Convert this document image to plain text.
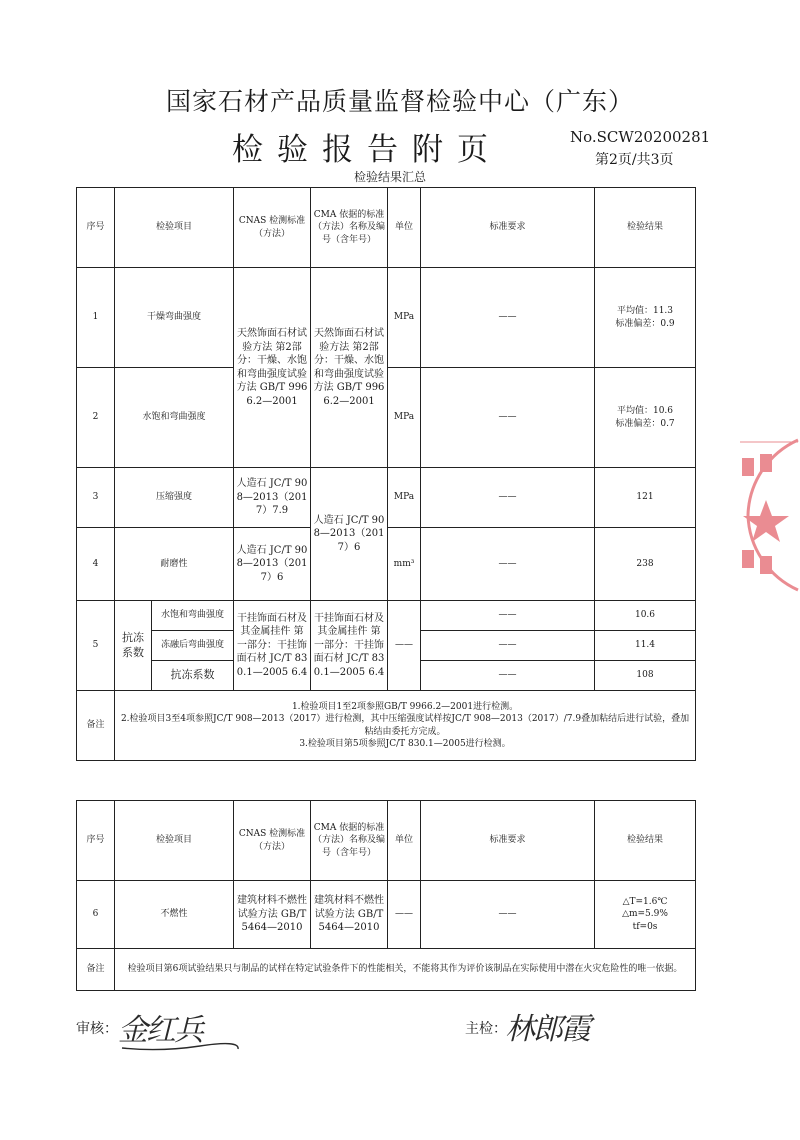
国家石材产品质量监督检验中心（广东）
检验报告附页	No.SCW20200281
第2页/共3页
检验结果汇总
序号	检验项目		CNAS 检测标准（方法）	CMA 依据的标准（方法）名称及编号（含年号）	单位	标准要求	检验结果
1	干燥弯曲强度		天然饰面石材试验方法 第2部分：干燥、水饱和弯曲强度试验方法 GB/T 9966.2—2001	天然饰面石材试验方法 第2部分：干燥、水饱和弯曲强度试验方法 GB/T 9966.2—2001	MPa	——	平均值：11.3
标准偏差：0.9

2	水饱和弯曲强度				MPa	——	平均值：10.6
标准偏差：0.7

3	压缩强度		人造石 JC/T 908—2013（2017）7.9	人造石 JC/T 908—2013（2017）6	MPa	——	121
4	耐磨性		人造石 JC/T 908—2013（2017）6		mm³	——	238
5	抗冻系数	水饱和弯曲强度	干挂饰面石材及其金属挂件 第一部分：干挂饰面石材 JC/T 830.1—2005 6.4	干挂饰面石材及其金属挂件 第一部分：干挂饰面石材 JC/T 830.1—2005 6.4	——	——	10.6
		冻融后弯曲强度				——	11.4
		抗冻系数				——	108
备注	1.检验项目1至2项参照GB/T 9966.2—2001进行检测。
2.检验项目3至4项参照JC/T 908—2013（2017）进行检测，其中压缩强度试样按JC/T 908—2013（2017）/7.9叠加粘结后进行试验，叠加粘结由委托方完成。
3.检验项目第5项参照JC/T 830.1—2005进行检测。						
序号	检验项目	CNAS 检测标准（方法）	CMA 依据的标准（方法）名称及编号（含年号）	单位	标准要求	检验结果
6	不燃性	建筑材料不燃性试验方法 GB/T 5464—2010	建筑材料不燃性试验方法 GB/T 5464—2010	——	——	△T=1.6℃
△m=5.9%
tf=0s

备注	检验项目第6项试验结果只与制品的试样在特定试验条件下的性能相关，不能将其作为评价该制品在实际使用中潜在火灾危险性的唯一依据。					
审核： 金红兵	主检：
林郎霞
